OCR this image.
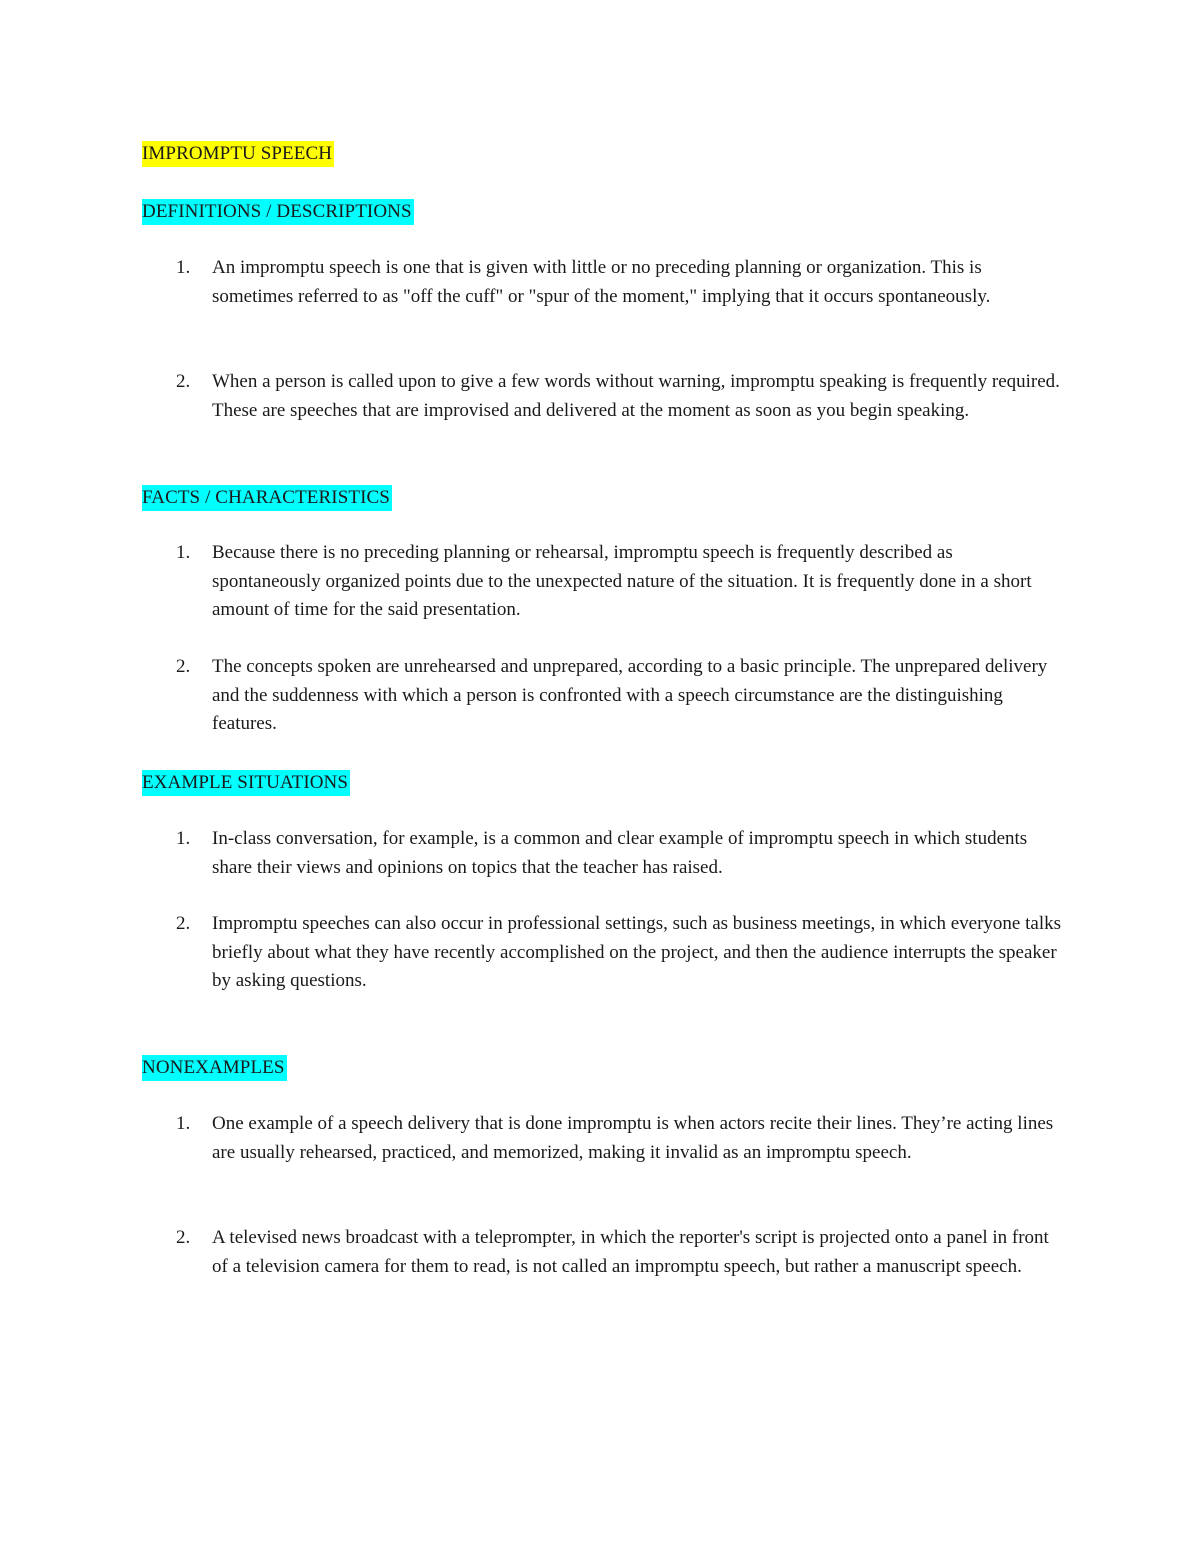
IMPROMPTU SPEECH
DEFINITIONS / DESCRIPTIONS
1. An impromptu speech is one that is given with little or no preceding planning or organization. This is sometimes referred to as "off the cuff" or "spur of the moment," implying that it occurs spontaneously.
2. When a person is called upon to give a few words without warning, impromptu speaking is frequently required. These are speeches that are improvised and delivered at the moment as soon as you begin speaking.
FACTS / CHARACTERISTICS
1. Because there is no preceding planning or rehearsal, impromptu speech is frequently described as spontaneously organized points due to the unexpected nature of the situation. It is frequently done in a short amount of time for the said presentation.
2. The concepts spoken are unrehearsed and unprepared, according to a basic principle. The unprepared delivery and the suddenness with which a person is confronted with a speech circumstance are the distinguishing features.
EXAMPLE SITUATIONS
1. In-class conversation, for example, is a common and clear example of impromptu speech in which students share their views and opinions on topics that the teacher has raised.
2. Impromptu speeches can also occur in professional settings, such as business meetings, in which everyone talks briefly about what they have recently accomplished on the project, and then the audience interrupts the speaker by asking questions.
NONEXAMPLES
1. One example of a speech delivery that is done impromptu is when actors recite their lines. They’re acting lines are usually rehearsed, practiced, and memorized, making it invalid as an impromptu speech.
2. A televised news broadcast with a teleprompter, in which the reporter's script is projected onto a panel in front of a television camera for them to read, is not called an impromptu speech, but rather a manuscript speech.
